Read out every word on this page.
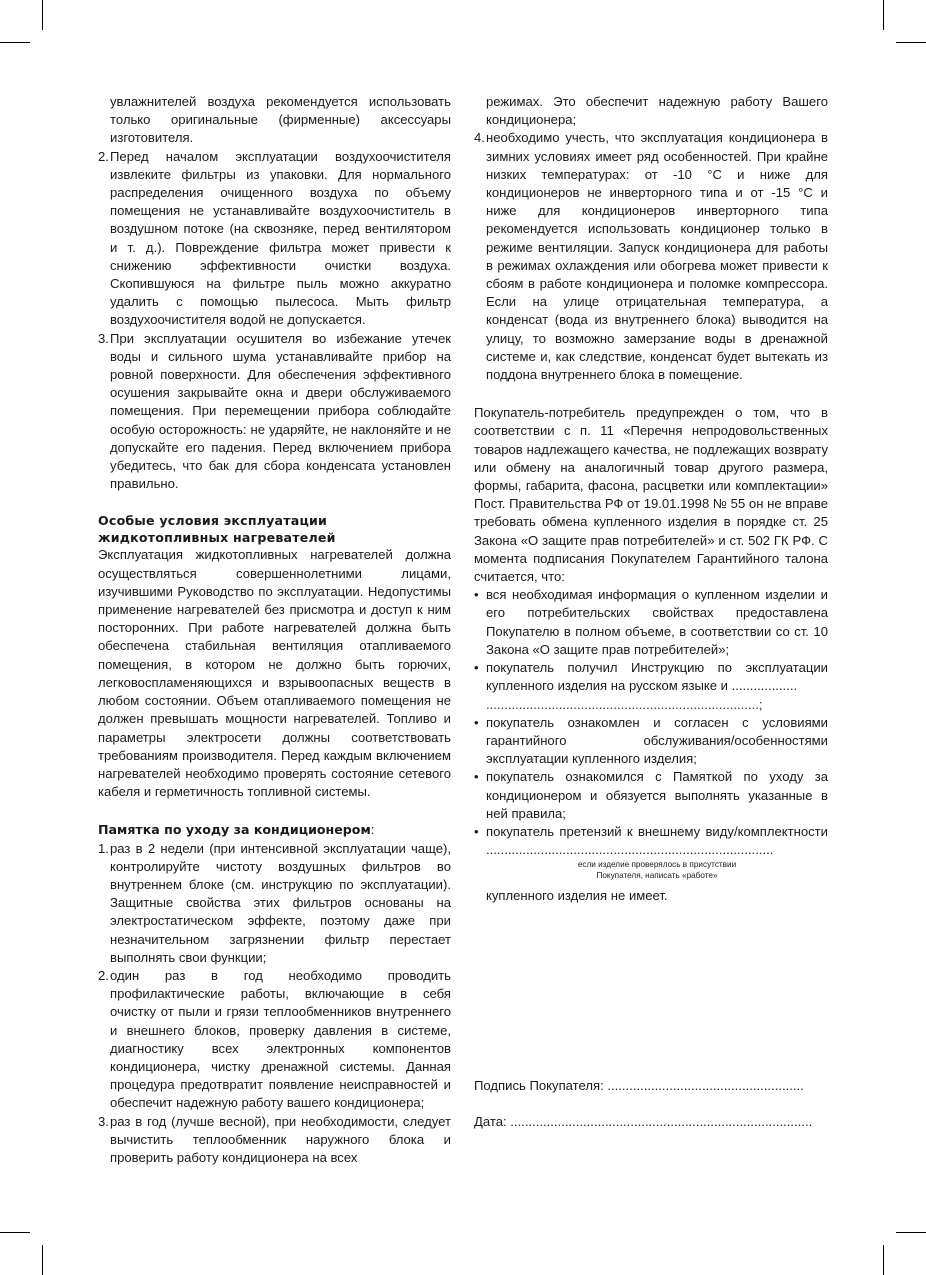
увлажнителей воздуха рекомендуется использовать только оригинальные (фирменные) аксессуары изготовителя.

2. Перед началом эксплуатации воздухоочистителя извлеките фильтры из упаковки. Для нормального распределения очищенного воздуха по объему помещения не устанавливайте воздухоочиститель в воздушном потоке (на сквозняке, перед вентилятором и т. д.). Повреждение фильтра может привести к снижению эффективности очистки воздуха. Скопившуюся на фильтре пыль можно аккуратно удалить с помощью пылесоса. Мыть фильтр воздухоочистителя водой не допускается.
3. При эксплуатации осушителя во избежание утечек воды и сильного шума устанавливайте прибор на ровной поверхности. Для обеспечения эффективного осушения закрывайте окна и двери обслуживаемого помещения. При перемещении прибора соблюдайте особую осторожность: не ударяйте, не наклоняйте и не допускайте его падения. Перед включением прибора убедитесь, что бак для сбора конденсата установлен правильно.
Особые условия эксплуатации жидкотопливных нагревателей

Эксплуатация жидкотопливных нагревателей должна осуществляться совершеннолетними лицами, изучившими Руководство по эксплуатации. Недопустимы применение нагревателей без присмотра и доступ к ним посторонних. При работе нагревателей должна быть обеспечена стабильная вентиляция отапливаемого помещения, в котором не должно быть горючих, легковоспламеняющихся и взрывоопасных веществ в любом состоянии. Объем отапливаемого помещения не должен превышать мощности нагревателей. Топливо и параметры электросети должны соответствовать требованиям производителя. Перед каждым включением нагревателей необходимо проверять состояние сетевого кабеля и герметичность топливной системы.

Памятка по уходу за кондиционером:

1. раз в 2 недели (при интенсивной эксплуатации чаще), контролируйте чистоту воздушных фильтров во внутреннем блоке (см. инструкцию по эксплуатации). Защитные свойства этих фильтров основаны на электростатическом эффекте, поэтому даже при незначительном загрязнении фильтр перестает выполнять свои функции;
2. один раз в год необходимо проводить профилактические работы, включающие в себя очистку от пыли и грязи теплообменников внутреннего и внешнего блоков, проверку давления в системе, диагностику всех электронных компонентов кондиционера, чистку дренажной системы. Данная процедура предотвратит появление неисправностей и обеспечит надежную работу вашего кондиционера;
3. раз в год (лучше весной), при необходимости, следует вычистить теплообменник наружного блока и проверить работу кондиционера на всех

режимах. Это обеспечит надежную работу Вашего кондиционера;

4. необходимо учесть, что эксплуатация кондиционера в зимних условиях имеет ряд особенностей. При крайне низких температурах: от -10 °С и ниже для кондиционеров не инверторного типа и от -15 °С и ниже для кондиционеров инверторного типа рекомендуется использовать кондиционер только в режиме вентиляции. Запуск кондиционера для работы в режимах охлаждения или обогрева может привести к сбоям в работе кондиционера и поломке компрессора. Если на улице отрицательная температура, а конденсат (вода из внутреннего блока) выводится на улицу, то возможно замерзание воды в дренажной системе и, как следствие, конденсат будет вытекать из поддона внутреннего блока в помещение.

Покупатель-потребитель предупрежден о том, что в соответствии с п. 11 «Перечня непродовольственных товаров надлежащего качества, не подлежащих возврату или обмену на аналогичный товар другого размера, формы, габарита, фасона, расцветки или комплектации» Пост. Правительства РФ от 19.01.1998 № 55 он не вправе требовать обмена купленного изделия в порядке ст. 25 Закона «О защите прав потребителей» и ст. 502 ГК РФ. С момента подписания Покупателем Гарантийного талона считается, что:

• вся необходимая информация о купленном изделии и его потребительских свойствах предоставлена Покупателю в полном объеме, в соответствии со ст. 10 Закона «О защите прав потребителей»;
• покупатель получил Инструкцию по эксплуатации купленного изделия на русском языке и ..................
...........................................................................;
• покупатель ознакомлен и согласен с условиями гарантийного обслуживания/особенностями эксплуатации купленного изделия;
• покупатель ознакомился с Памяткой по уходу за кондиционером и обязуется выполнять указанные в ней правила;
• покупатель претензий к внешнему виду/комплектности ...............................................................................

если изделие проверялось в присутствии

Покупателя, написать «работе»

купленного изделия не имеет.

Подпись Покупателя: ......................................................
Дата: ...................................................................................
